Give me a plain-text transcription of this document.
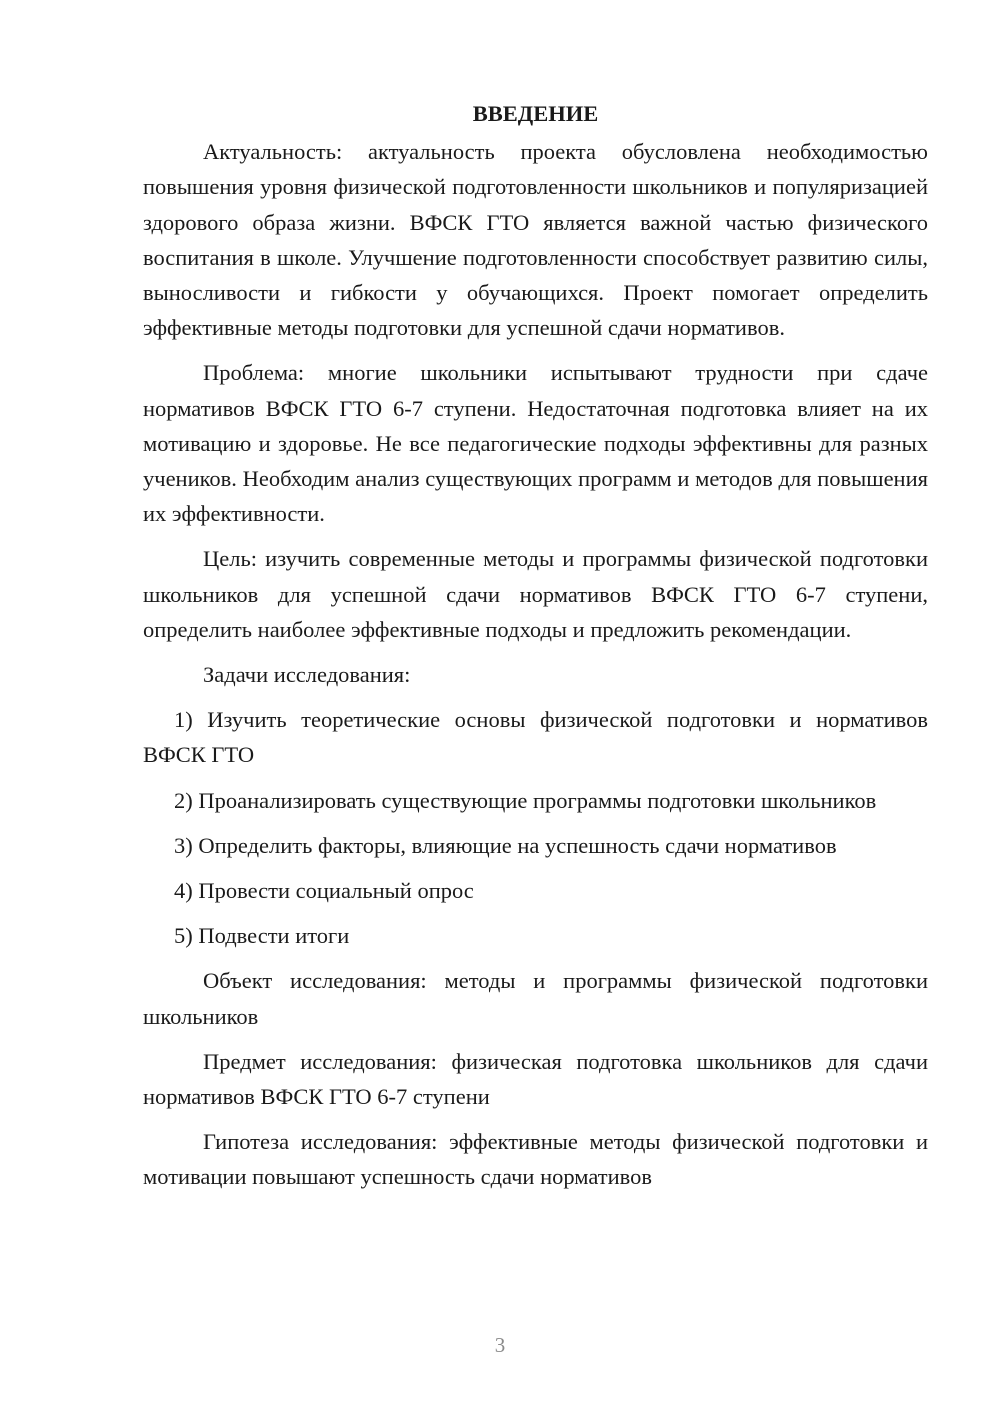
ВВЕДЕНИЕ
Актуальность: актуальность проекта обусловлена необходимостью повышения уровня физической подготовленности школьников и популяризацией здорового образа жизни. ВФСК ГТО является важной частью физического воспитания в школе. Улучшение подготовленности способствует развитию силы, выносливости и гибкости у обучающихся. Проект помогает определить эффективные методы подготовки для успешной сдачи нормативов.
Проблема: многие школьники испытывают трудности при сдаче нормативов ВФСК ГТО 6-7 ступени. Недостаточная подготовка влияет на их мотивацию и здоровье. Не все педагогические подходы эффективны для разных учеников. Необходим анализ существующих программ и методов для повышения их эффективности.
Цель: изучить современные методы и программы физической подготовки школьников для успешной сдачи нормативов ВФСК ГТО 6-7 ступени, определить наиболее эффективные подходы и предложить рекомендации.
Задачи исследования:
1) Изучить теоретические основы физической подготовки и нормативов ВФСК ГТО
2) Проанализировать существующие программы подготовки школьников
3) Определить факторы, влияющие на успешность сдачи нормативов
4) Провести социальный опрос
5) Подвести итоги
Объект исследования: методы и программы физической подготовки школьников
Предмет исследования: физическая подготовка школьников для сдачи нормативов ВФСК ГТО 6-7 ступени
Гипотеза исследования: эффективные методы физической подготовки и мотивации повышают успешность сдачи нормативов
3
